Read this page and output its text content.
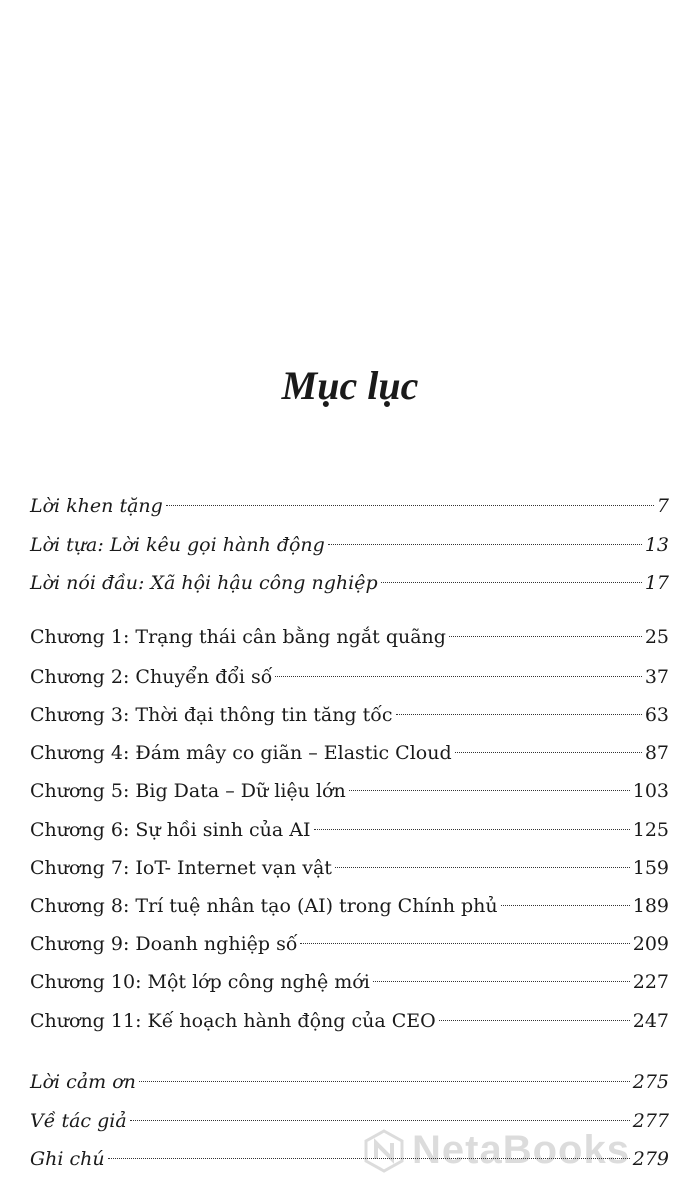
Mục lục
Lời khen tặng	7
Lời tựa: Lời kêu gọi hành động	13
Lời nói đầu: Xã hội hậu công nghiệp	17
Chương 1: Trạng thái cân bằng ngắt quãng	25
Chương 2: Chuyển đổi số	37
Chương 3: Thời đại thông tin tăng tốc	63
Chương 4: Đám mây co giãn – Elastic Cloud	87
Chương 5: Big Data – Dữ liệu lớn	103
Chương 6: Sự hồi sinh của AI	125
Chương 7: IoT- Internet vạn vật	159
Chương 8: Trí tuệ nhân tạo (AI) trong Chính phủ	189
Chương 9: Doanh nghiệp số	209
Chương 10: Một lớp công nghệ mới	227
Chương 11: Kế hoạch hành động của CEO	247
Lời cảm ơn	275
Về tác giả	277
Ghi chú	279
NetaBooks
